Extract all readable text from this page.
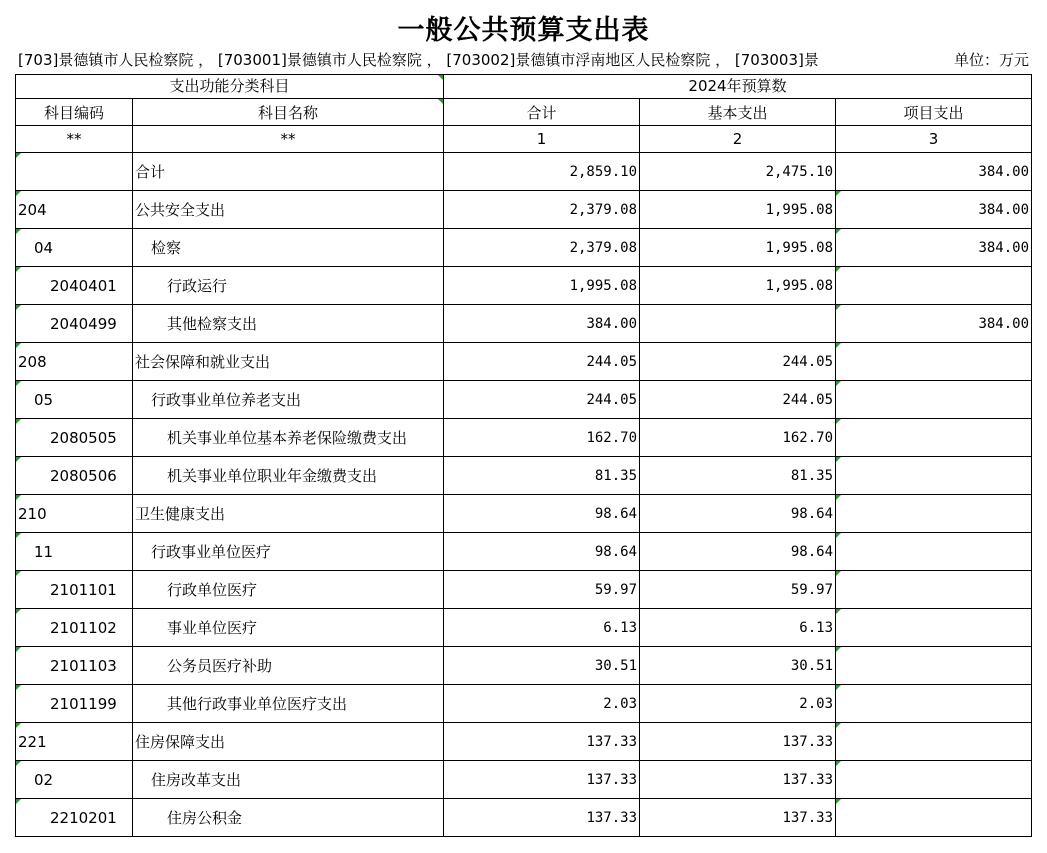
一般公共预算支出表
[703]景德镇市人民检察院 ， [703001]景德镇市人民检察院 ， [703002]景德镇市浮南地区人民检察院 ， [703003]景	单位：万元
支出功能分类科目		2024年预算数		
科目编码	科目名称	合计	基本支出	项目支出
**	**	1	2	3
	合计	2,859.10	2,475.10	384.00
204	公共安全支出	2,379.08	1,995.08	384.00
04	检察	2,379.08	1,995.08	384.00
2040401	行政运行	1,995.08	1,995.08	
2040499	其他检察支出	384.00		384.00
208	社会保障和就业支出	244.05	244.05	
05	行政事业单位养老支出	244.05	244.05	
2080505	机关事业单位基本养老保险缴费支出	162.70	162.70	
2080506	机关事业单位职业年金缴费支出	81.35	81.35	
210	卫生健康支出	98.64	98.64	
11	行政事业单位医疗	98.64	98.64	
2101101	行政单位医疗	59.97	59.97	
2101102	事业单位医疗	6.13	6.13	
2101103	公务员医疗补助	30.51	30.51	
2101199	其他行政事业单位医疗支出	2.03	2.03	
221	住房保障支出	137.33	137.33	
02	住房改革支出	137.33	137.33	
2210201	住房公积金	137.33	137.33	
